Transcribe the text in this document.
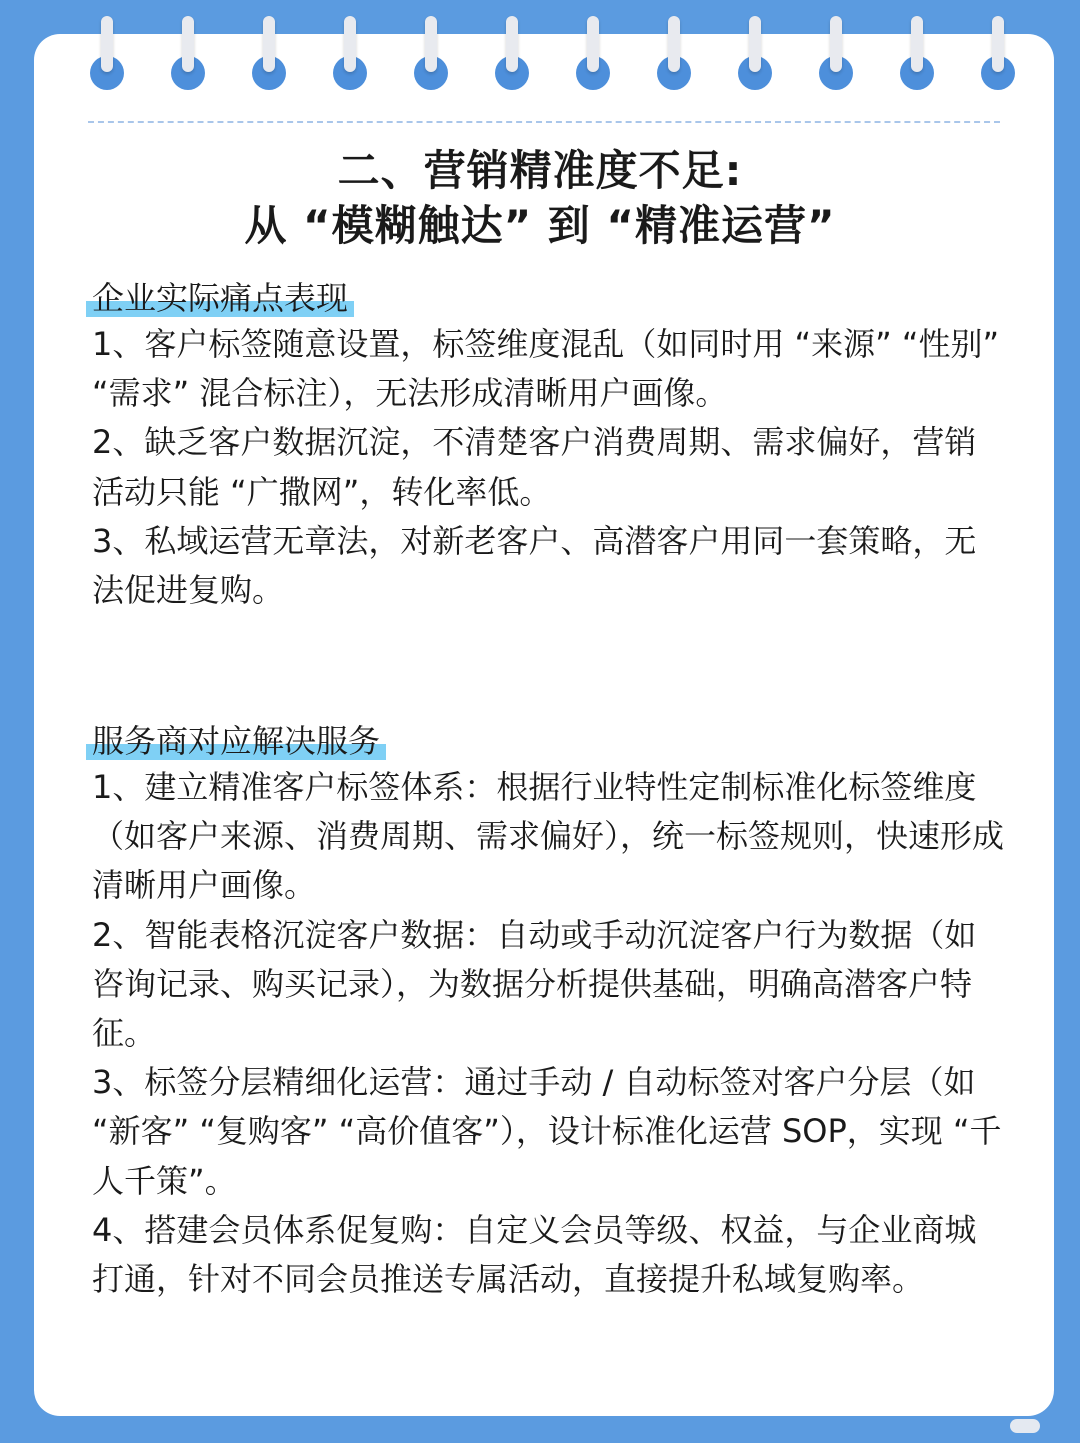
二、营销精准度不足:
从 “模糊触达” 到 “精准运营”
企业实际痛点表现
1、客户标签随意设置，标签维度混乱（如同时用 “来源” “性别” “需求” 混合标注），无法形成清晰用户画像。
2、缺乏客户数据沉淀，不清楚客户消费周期、需求偏好，营销活动只能 “广撒网”，转化率低。
3、私域运营无章法，对新老客户、高潜客户用同一套策略，无法促进复购。
服务商对应解决服务
1、建立精准客户标签体系：根据行业特性定制标准化标签维度（如客户来源、消费周期、需求偏好），统一标签规则，快速形成清晰用户画像。
2、智能表格沉淀客户数据：自动或手动沉淀客户行为数据（如咨询记录、购买记录），为数据分析提供基础，明确高潜客户特征。
3、标签分层精细化运营：通过手动 / 自动标签对客户分层（如 “新客” “复购客” “高价值客”），设计标准化运营 SOP，实现 “千人千策”。
4、搭建会员体系促复购：自定义会员等级、权益，与企业商城打通，针对不同会员推送专属活动，直接提升私域复购率。
